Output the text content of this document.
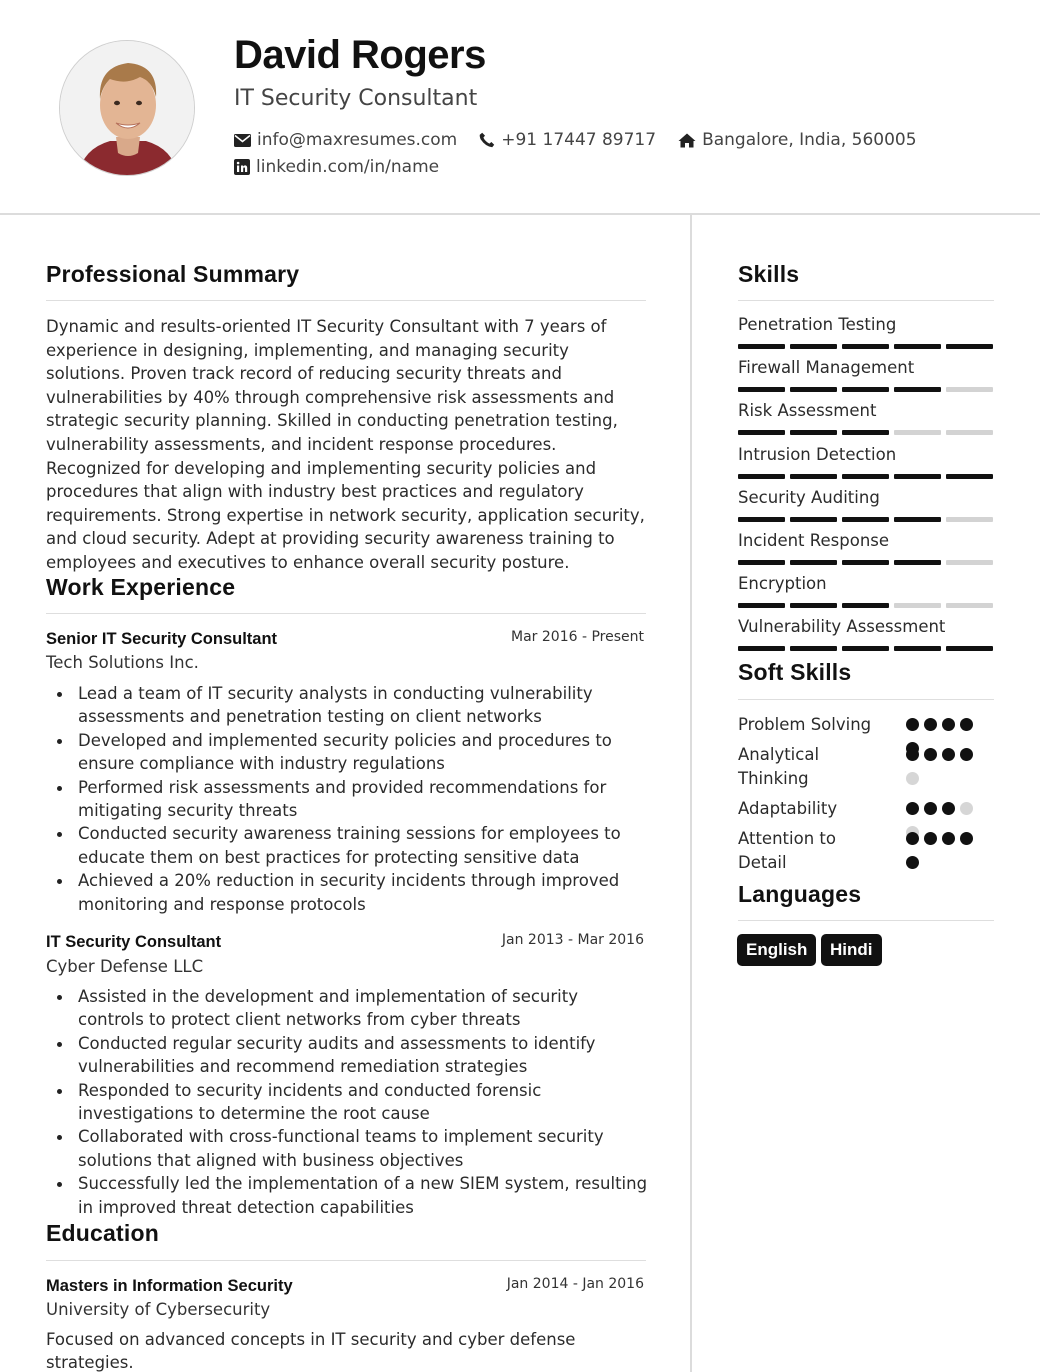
David Rogers
IT Security Consultant
info@maxresumes.com	+91 17447 89717	Bangalore, India, 560005
linkedin.com/in/name
Professional Summary
Dynamic and results-oriented IT Security Consultant with 7 years of experience in designing, implementing, and managing security solutions. Proven track record of reducing security threats and vulnerabilities by 40% through comprehensive risk assessments and strategic security planning. Skilled in conducting penetration testing, vulnerability assessments, and incident response procedures. Recognized for developing and implementing security policies and procedures that align with industry best practices and regulatory requirements. Strong expertise in network security, application security, and cloud security. Adept at providing security awareness training to employees and executives to enhance overall security posture.
Work Experience
Senior IT Security Consultant	Mar 2016 - Present
Tech Solutions Inc.
Lead a team of IT security analysts in conducting vulnerability assessments and penetration testing on client networks
Developed and implemented security policies and procedures to ensure compliance with industry regulations
Performed risk assessments and provided recommendations for mitigating security threats
Conducted security awareness training sessions for employees to educate them on best practices for protecting sensitive data
Achieved a 20% reduction in security incidents through improved monitoring and response protocols
IT Security Consultant	Jan 2013 - Mar 2016
Cyber Defense LLC
Assisted in the development and implementation of security controls to protect client networks from cyber threats
Conducted regular security audits and assessments to identify vulnerabilities and recommend remediation strategies
Responded to security incidents and conducted forensic investigations to determine the root cause
Collaborated with cross-functional teams to implement security solutions that aligned with business objectives
Successfully led the implementation of a new SIEM system, resulting in improved threat detection capabilities
Education
Masters in Information Security	Jan 2014 - Jan 2016
University of Cybersecurity
Focused on advanced concepts in IT security and cyber defense strategies.
Skills
Penetration Testing
Firewall Management
Risk Assessment
Intrusion Detection
Security Auditing
Incident Response
Encryption
Vulnerability Assessment
Soft Skills
Problem Solving
Analytical Thinking
Adaptability
Attention to Detail
Languages
English	Hindi
